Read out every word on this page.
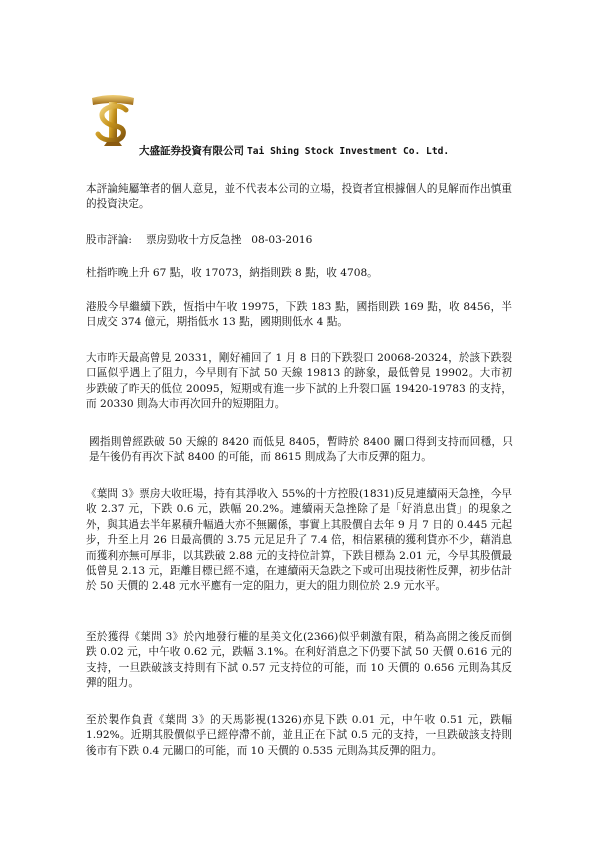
大盛証券投資有限公司 Tai Shing Stock Investment Co. Ltd.

本評論純屬筆者的個人意見，並不代表本公司的立場，投資者宜根據個人的見解而作出慎重的投資決定。

股市評論: 票房勁收十方反急挫 08-03-2016

杜指昨晚上升 67 點，收 17073，納指則跌 8 點，收 4708。

港股今早繼續下跌，恆指中午收 19975，下跌 183 點，國指則跌 169 點，收 8456，半日成交 374 億元，期指低水 13 點，國期則低水 4 點。

大市昨天最高曾見 20331，剛好補回了 1 月 8 日的下跌裂口 20068-20324，於該下跌裂口區似乎遇上了阻力，今早則有下試 50 天線 19813 的跡象，最低曾見 19902。大市初步跌破了昨天的低位 20095，短期或有進一步下試的上升裂口區 19420-19783 的支持，而 20330 則為大市再次回升的短期阻力。

國指則曾經跌破 50 天線的 8420 而低見 8405，暫時於 8400 關口得到支持而回穩，只是午後仍有再次下試 8400 的可能，而 8615 則成為了大市反彈的阻力。

《葉問 3》票房大收旺場，持有其淨收入 55%的十方控股(1831)反見連續兩天急挫，今早收 2.37 元，下跌 0.6 元，跌幅 20.2%。連續兩天急挫除了是「好消息出貨」的現象之外，與其過去半年累積升幅過大亦不無關係，事實上其股價自去年 9 月 7 日的 0.445 元起步，升至上月 26 日最高價的 3.75 元足足升了 7.4 倍，相信累積的獲利貨亦不少，藉消息而獲利亦無可厚非，以其跌破 2.88 元的支持位計算，下跌目標為 2.01 元，今早其股價最低曾見 2.13 元，距離目標已經不遠，在連續兩天急跌之下或可出現技術性反彈，初步估計於 50 天價的 2.48 元水平應有一定的阻力，更大的阻力則位於 2.9 元水平。

至於獲得《葉問 3》於內地發行權的星美文化(2366)似乎刺激有限，稍為高開之後反而倒跌 0.02 元，中午收 0.62 元，跌幅 3.1%。在利好消息之下仍要下試 50 天價 0.616 元的支持，一旦跌破該支持則有下試 0.57 元支持位的可能，而 10 天價的 0.656 元則為其反彈的阻力。

至於製作負責《葉問 3》的天馬影視(1326)亦見下跌 0.01 元，中午收 0.51 元，跌幅 1.92%。近期其股價似乎已經停滯不前，並且正在下試 0.5 元的支持，一旦跌破該支持則後市有下跌 0.4 元關口的可能，而 10 天價的 0.535 元則為其反彈的阻力。
